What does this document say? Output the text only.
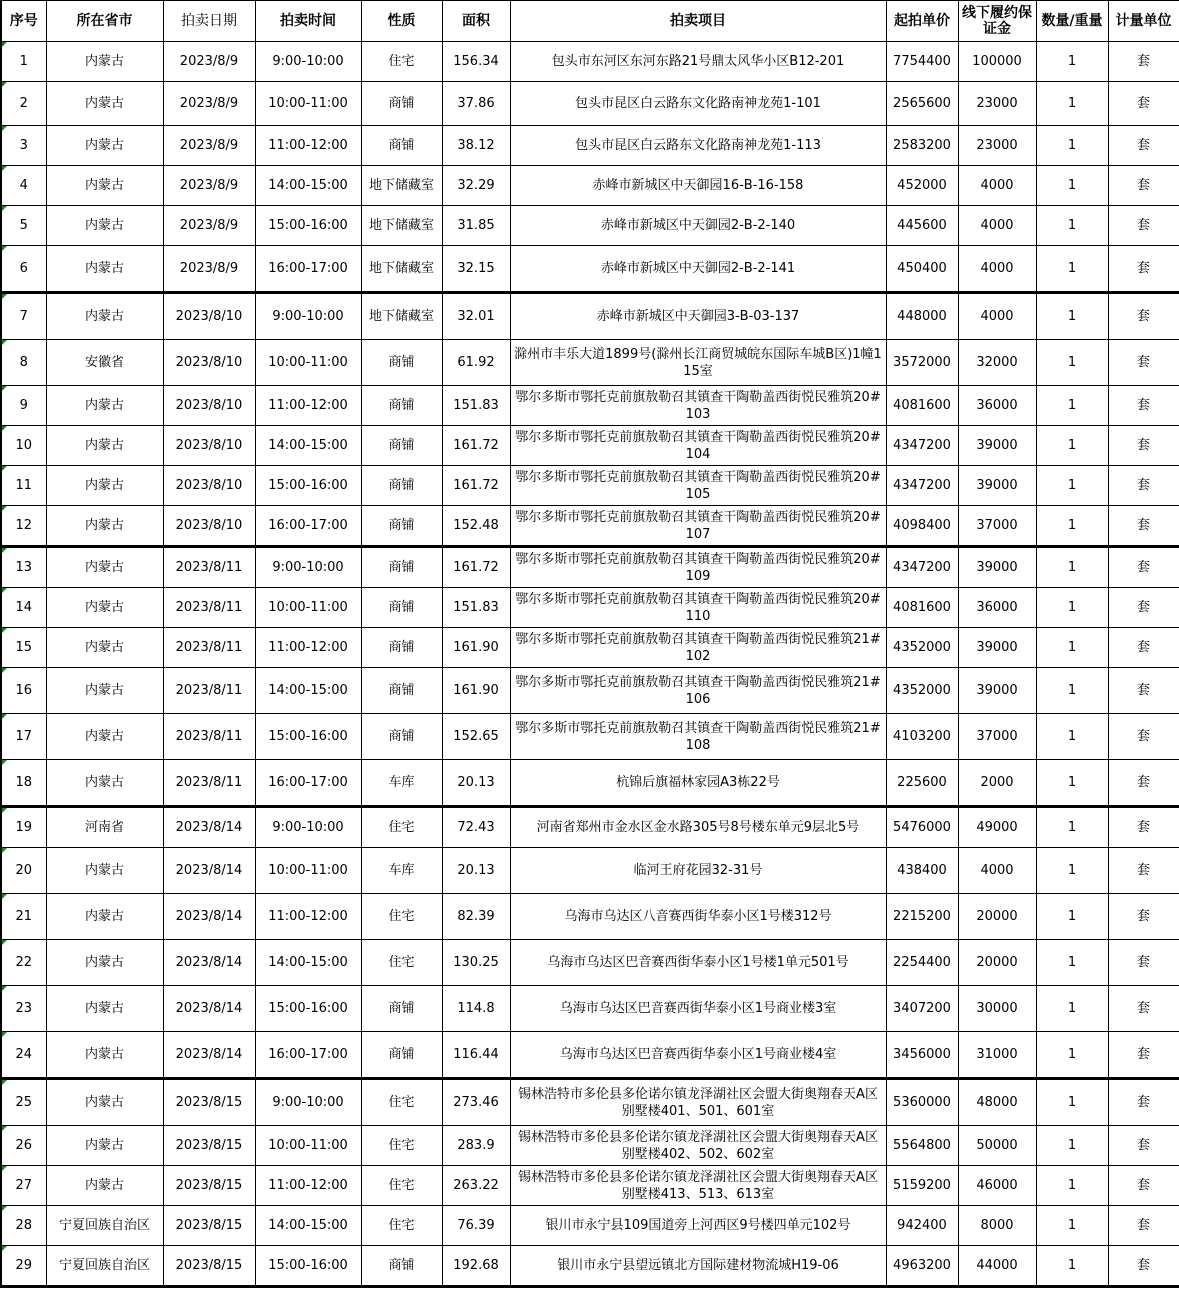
序号	所在省市	拍卖日期	拍卖时间	性质	面积	拍卖项目	起拍单价	线下履约保证金	数量/重量	计量单位
1	内蒙古	2023/8/9	9:00-10:00	住宅	156.34	包头市东河区东河东路21号鼎太风华小区B12-201	7754400	100000	1	套
2	内蒙古	2023/8/9	10:00-11:00	商铺	37.86	包头市昆区白云路东文化路南神龙苑1-101	2565600	23000	1	套
3	内蒙古	2023/8/9	11:00-12:00	商铺	38.12	包头市昆区白云路东文化路南神龙苑1-113	2583200	23000	1	套
4	内蒙古	2023/8/9	14:00-15:00	地下储藏室	32.29	赤峰市新城区中天御园16-B-16-158	452000	4000	1	套
5	内蒙古	2023/8/9	15:00-16:00	地下储藏室	31.85	赤峰市新城区中天御园2-B-2-140	445600	4000	1	套
6	内蒙古	2023/8/9	16:00-17:00	地下储藏室	32.15	赤峰市新城区中天御园2-B-2-141	450400	4000	1	套
7	内蒙古	2023/8/10	9:00-10:00	地下储藏室	32.01	赤峰市新城区中天御园3-B-03-137	448000	4000	1	套
8	安徽省	2023/8/10	10:00-11:00	商铺	61.92	滁州市丰乐大道1899号(滁州长江商贸城皖东国际车城B区)1幢115室	3572000	32000	1	套
9	内蒙古	2023/8/10	11:00-12:00	商铺	151.83	鄂尔多斯市鄂托克前旗敖勒召其镇查干陶勒盖西街悦民雅筑20#103	4081600	36000	1	套
10	内蒙古	2023/8/10	14:00-15:00	商铺	161.72	鄂尔多斯市鄂托克前旗敖勒召其镇查干陶勒盖西街悦民雅筑20#104	4347200	39000	1	套
11	内蒙古	2023/8/10	15:00-16:00	商铺	161.72	鄂尔多斯市鄂托克前旗敖勒召其镇查干陶勒盖西街悦民雅筑20#105	4347200	39000	1	套
12	内蒙古	2023/8/10	16:00-17:00	商铺	152.48	鄂尔多斯市鄂托克前旗敖勒召其镇查干陶勒盖西街悦民雅筑20#107	4098400	37000	1	套
13	内蒙古	2023/8/11	9:00-10:00	商铺	161.72	鄂尔多斯市鄂托克前旗敖勒召其镇查干陶勒盖西街悦民雅筑20#109	4347200	39000	1	套
14	内蒙古	2023/8/11	10:00-11:00	商铺	151.83	鄂尔多斯市鄂托克前旗敖勒召其镇查干陶勒盖西街悦民雅筑20#110	4081600	36000	1	套
15	内蒙古	2023/8/11	11:00-12:00	商铺	161.90	鄂尔多斯市鄂托克前旗敖勒召其镇查干陶勒盖西街悦民雅筑21#102	4352000	39000	1	套
16	内蒙古	2023/8/11	14:00-15:00	商铺	161.90	鄂尔多斯市鄂托克前旗敖勒召其镇查干陶勒盖西街悦民雅筑21#106	4352000	39000	1	套
17	内蒙古	2023/8/11	15:00-16:00	商铺	152.65	鄂尔多斯市鄂托克前旗敖勒召其镇查干陶勒盖西街悦民雅筑21#108	4103200	37000	1	套
18	内蒙古	2023/8/11	16:00-17:00	车库	20.13	杭锦后旗福林家园A3栋22号	225600	2000	1	套
19	河南省	2023/8/14	9:00-10:00	住宅	72.43	河南省郑州市金水区金水路305号8号楼东单元9层北5号	5476000	49000	1	套
20	内蒙古	2023/8/14	10:00-11:00	车库	20.13	临河王府花园32-31号	438400	4000	1	套
21	内蒙古	2023/8/14	11:00-12:00	住宅	82.39	乌海市乌达区八音赛西街华泰小区1号楼312号	2215200	20000	1	套
22	内蒙古	2023/8/14	14:00-15:00	住宅	130.25	乌海市乌达区巴音赛西街华泰小区1号楼1单元501号	2254400	20000	1	套
23	内蒙古	2023/8/14	15:00-16:00	商铺	114.8	乌海市乌达区巴音赛西街华泰小区1号商业楼3室	3407200	30000	1	套
24	内蒙古	2023/8/14	16:00-17:00	商铺	116.44	乌海市乌达区巴音赛西街华泰小区1号商业楼4室	3456000	31000	1	套
25	内蒙古	2023/8/15	9:00-10:00	住宅	273.46	锡林浩特市多伦县多伦诺尔镇龙泽湖社区会盟大街奥翔春天A区别墅楼401、501、601室	5360000	48000	1	套
26	内蒙古	2023/8/15	10:00-11:00	住宅	283.9	锡林浩特市多伦县多伦诺尔镇龙泽湖社区会盟大街奥翔春天A区别墅楼402、502、602室	5564800	50000	1	套
27	内蒙古	2023/8/15	11:00-12:00	住宅	263.22	锡林浩特市多伦县多伦诺尔镇龙泽湖社区会盟大街奥翔春天A区别墅楼413、513、613室	5159200	46000	1	套
28	宁夏回族自治区	2023/8/15	14:00-15:00	住宅	76.39	银川市永宁县109国道旁上河西区9号楼四单元102号	942400	8000	1	套
29	宁夏回族自治区	2023/8/15	15:00-16:00	商铺	192.68	银川市永宁县望远镇北方国际建材物流城H19-06	4963200	44000	1	套
